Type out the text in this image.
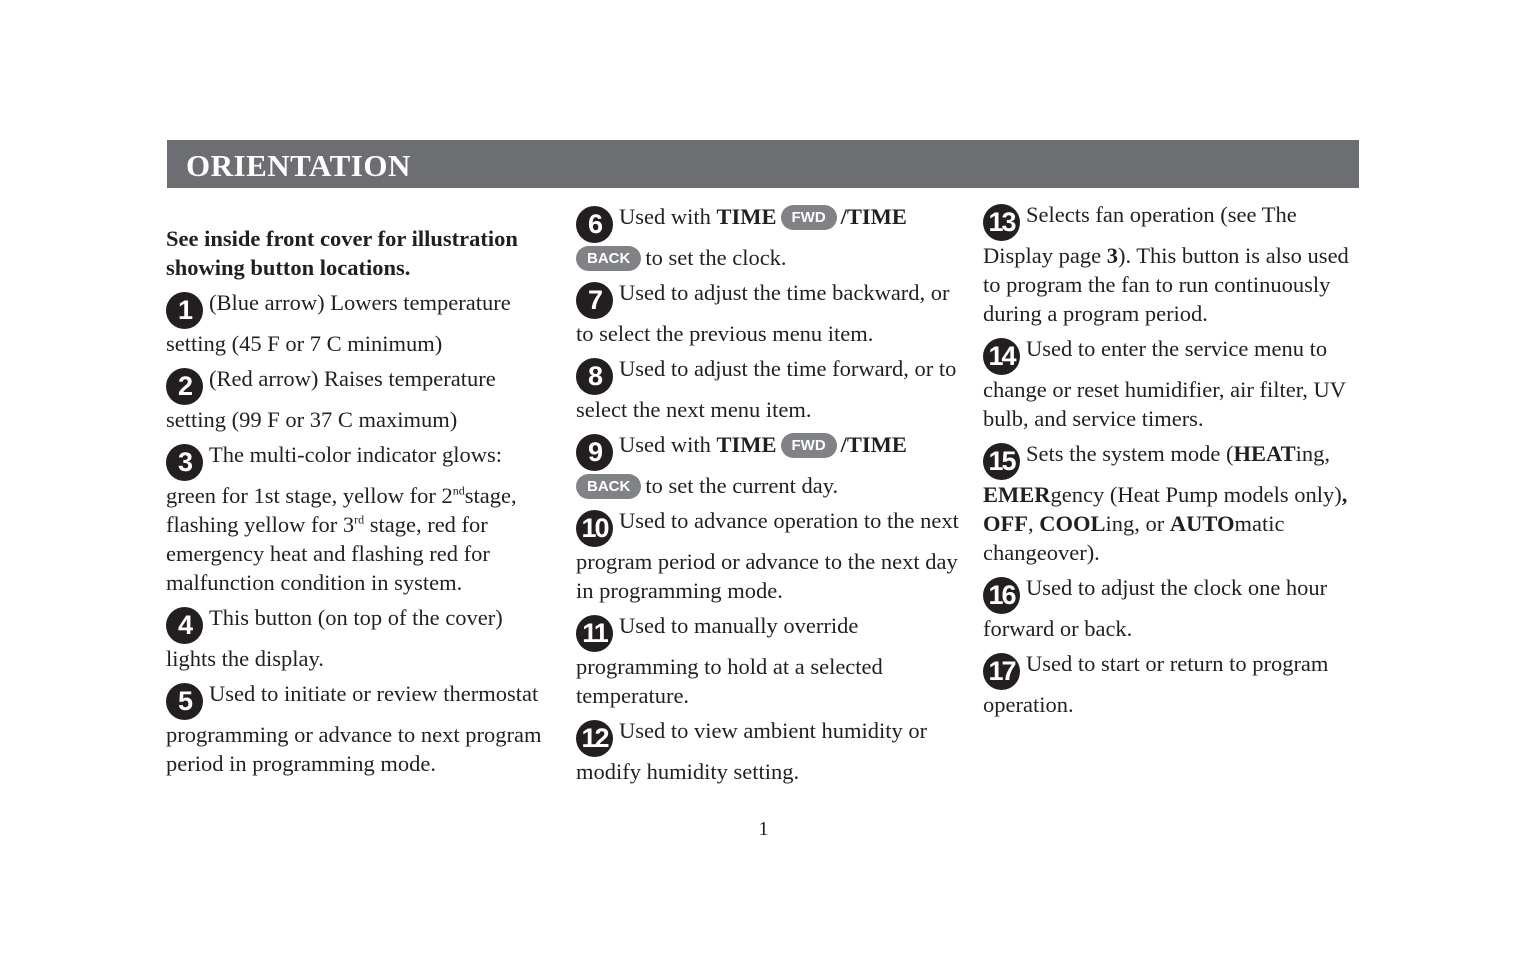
ORIENTATION

See inside front cover for illustration showing button locations.

1 (Blue arrow) Lowers temperature setting (45 F or 7 C minimum)

2 (Red arrow) Raises temperature setting (99 F or 37 C maximum)

3 The multi-color indicator glows: green for 1st stage, yellow for 2ndstage, flashing yellow for 3rd stage, red for emergency heat and flashing red for malfunction condition in system.

4 This button (on top of the cover) lights the display.

5 Used to initiate or review thermostat programming or advance to next program period in programming mode.

6 Used with TIME FWD /TIME
BACK to set the clock.

7 Used to adjust the time backward, or to select the previous menu item.

8 Used to adjust the time forward, or to select the next menu item.

9 Used with TIME FWD /TIME
BACK to set the current day.

10 Used to advance operation to the next program period or advance to the next day in programming mode.

11 Used to manually override programming to hold at a selected temperature.

12 Used to view ambient humidity or modify humidity setting.

13 Selects fan operation (see The Display page 3). This button is also used to program the fan to run continuously during a program period.

14 Used to enter the service menu to change or reset humidifier, air filter, UV bulb, and service timers.

15 Sets the system mode (HEATing, EMERgency (Heat Pump models only), OFF, COOLing, or AUTOmatic changeover).

16 Used to adjust the clock one hour forward or back.

17 Used to start or return to program operation.

1
